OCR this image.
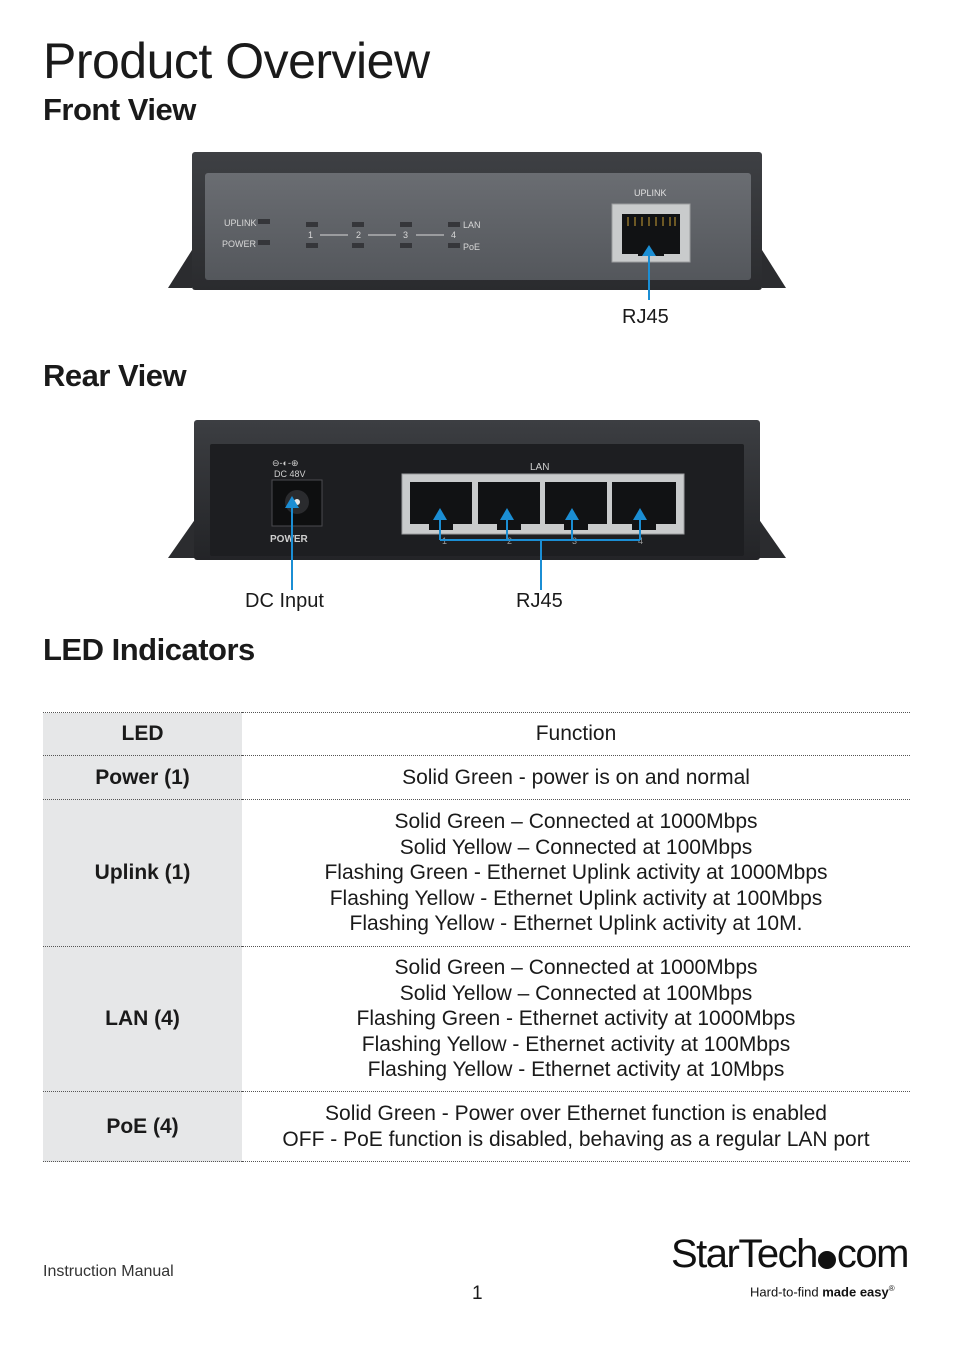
Product Overview
Front View
UPLINK
POWER
1	2	3	4
LAN
PoE
UPLINK
RJ45
Rear View
⊖-◐-⊕
DC 48V
POWER
LAN
1	2	3	4
DC Input	RJ45
LED Indicators
LED	Function
Power (1)	Solid Green - power is on and normal

Uplink (1)	Solid Green – Connected at 1000Mbps
Solid Yellow – Connected at 100Mbps
Flashing Green - Ethernet Uplink activity at 1000Mbps
Flashing Yellow - Ethernet Uplink activity at 100Mbps
Flashing Yellow - Ethernet Uplink activity at 10M.

LAN (4)	Solid Green – Connected at 1000Mbps
Solid Yellow – Connected at 100Mbps
Flashing Green - Ethernet activity at 1000Mbps
Flashing Yellow - Ethernet activity at 100Mbps
Flashing Yellow - Ethernet activity at 10Mbps

PoE (4)	Solid Green - Power over Ethernet function is enabled
OFF - PoE function is disabled, behaving as a regular LAN port
Instruction Manual
1
StarTech com
Hard-to-find made easy®
